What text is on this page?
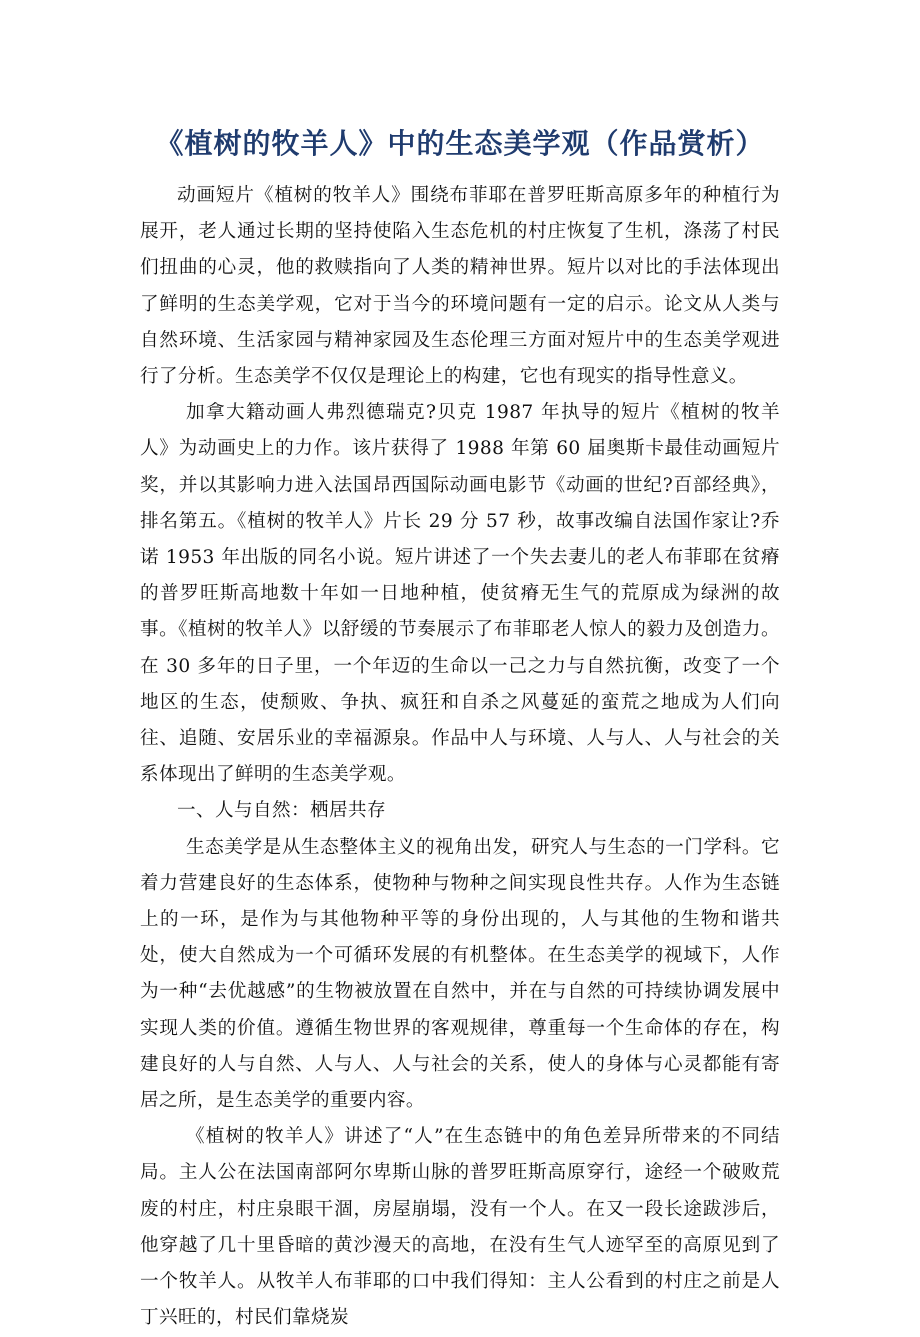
《植树的牧羊人》中的生态美学观（作品赏析）

动画短片《植树的牧羊人》围绕布菲耶在普罗旺斯高原多年的种植行为展开，老人通过长期的坚持使陷入生态危机的村庄恢复了生机，涤荡了村民们扭曲的心灵，他的救赎指向了人类的精神世界。短片以对比的手法体现出了鲜明的生态美学观，它对于当今的环境问题有一定的启示。论文从人类与自然环境、生活家园与精神家园及生态伦理三方面对短片中的生态美学观进行了分析。生态美学不仅仅是理论上的构建，它也有现实的指导性意义。

加拿大籍动画人弗烈德瑞克?贝克 1987 年执导的短片《植树的牧羊人》为动画史上的力作。该片获得了 1988 年第 60 届奥斯卡最佳动画短片奖，并以其影响力进入法国昂西国际动画电影节《动画的世纪?百部经典》，排名第五。《植树的牧羊人》片长 29 分 57 秒，故事改编自法国作家让?乔诺 1953 年出版的同名小说。短片讲述了一个失去妻儿的老人布菲耶在贫瘠的普罗旺斯高地数十年如一日地种植，使贫瘠无生气的荒原成为绿洲的故事。《植树的牧羊人》以舒缓的节奏展示了布菲耶老人惊人的毅力及创造力。在 30 多年的日子里，一个年迈的生命以一己之力与自然抗衡，改变了一个地区的生态，使颓败、争执、疯狂和自杀之风蔓延的蛮荒之地成为人们向往、追随、安居乐业的幸福源泉。作品中人与环境、人与人、人与社会的关系体现出了鲜明的生态美学观。

一、人与自然：栖居共存

生态美学是从生态整体主义的视角出发，研究人与生态的一门学科。它着力营建良好的生态体系，使物种与物种之间实现良性共存。人作为生态链上的一环，是作为与其他物种平等的身份出现的，人与其他的生物和谐共处，使大自然成为一个可循环发展的有机整体。在生态美学的视域下，人作为一种“去优越感”的生物被放置在自然中，并在与自然的可持续协调发展中实现人类的价值。遵循生物世界的客观规律，尊重每一个生命体的存在，构建良好的人与自然、人与人、人与社会的关系，使人的身体与心灵都能有寄居之所，是生态美学的重要内容。

《植树的牧羊人》讲述了“人”在生态链中的角色差异所带来的不同结局。主人公在法国南部阿尔卑斯山脉的普罗旺斯高原穿行，途经一个破败荒废的村庄，村庄泉眼干涸，房屋崩塌，没有一个人。在又一段长途跋涉后，他穿越了几十里昏暗的黄沙漫天的高地，在没有生气人迹罕至的高原见到了一个牧羊人。从牧羊人布菲耶的口中我们得知：主人公看到的村庄之前是人丁兴旺的，村民们靠烧炭
